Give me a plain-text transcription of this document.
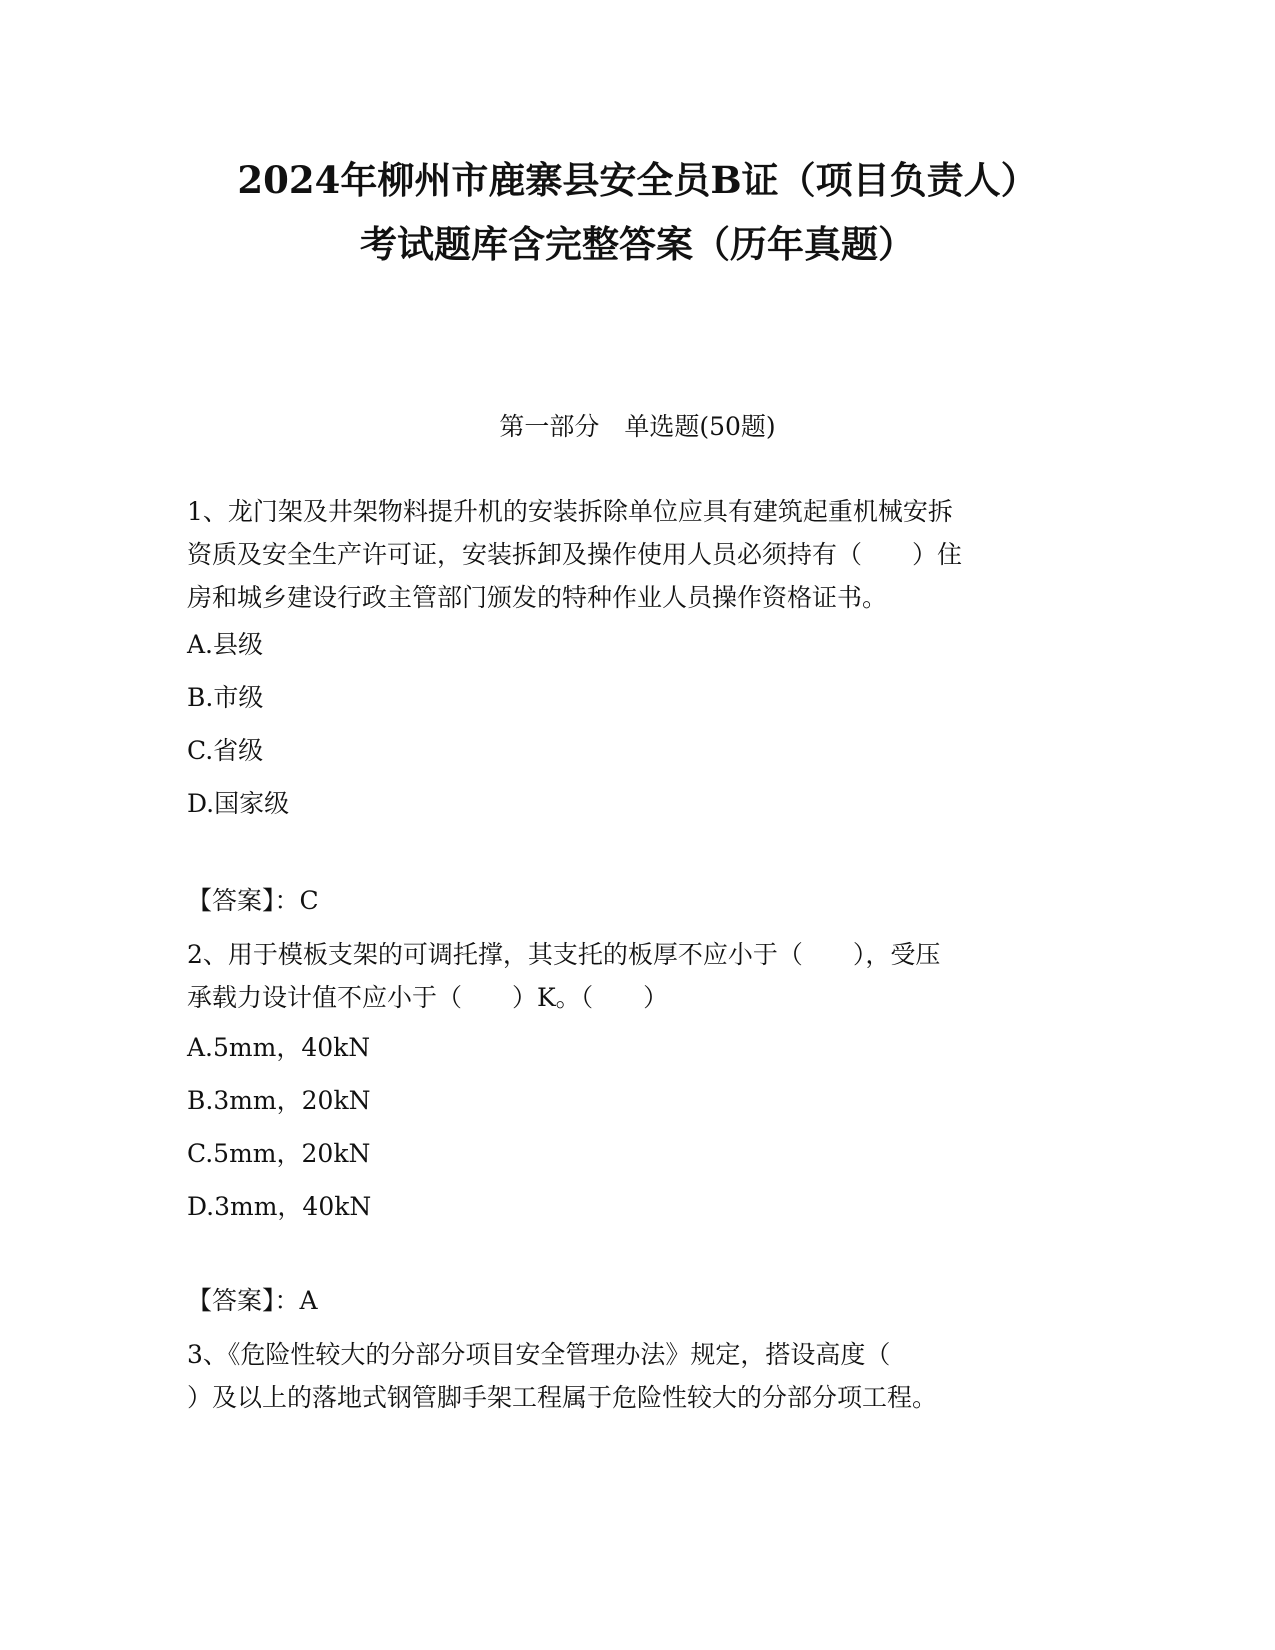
2024年柳州市鹿寨县安全员B证（项目负责人）
考试题库含完整答案（历年真题）
第一部分　单选题(50题)
1、龙门架及井架物料提升机的安装拆除单位应具有建筑起重机械安拆
资质及安全生产许可证，安装拆卸及操作使用人员必须持有（　　）住
房和城乡建设行政主管部门颁发的特种作业人员操作资格证书。
A.县级
B.市级
C.省级
D.国家级
【答案】：C
2、用于模板支架的可调托撑，其支托的板厚不应小于（　　），受压
承载力设计值不应小于（　　）K。（　　）
A.5mm，40kN
B.3mm，20kN
C.5mm，20kN
D.3mm，40kN
【答案】：A
3、《危险性较大的分部分项目安全管理办法》规定，搭设高度（
）及以上的落地式钢管脚手架工程属于危险性较大的分部分项工程。
